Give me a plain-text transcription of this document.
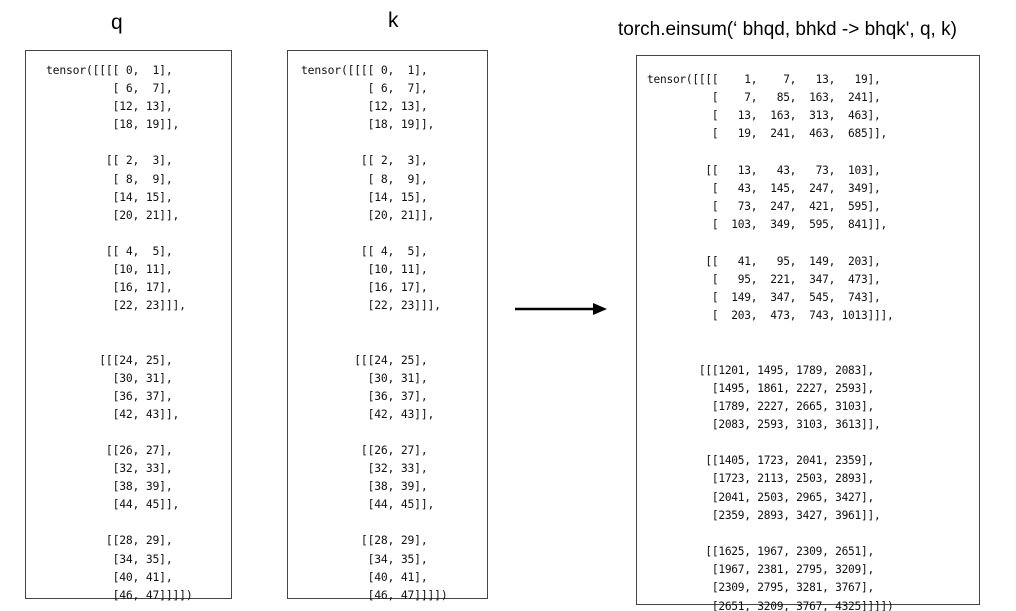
q	k	torch.einsum(‘ bhqd, bhkd -> bhqk', q, k)
tensor([[[[ 0,  1],
[ 6,  7],
[12, 13],
[18, 19]],

[[ 2,  3],
[ 8,  9],
[14, 15],
[20, 21]],

[[ 4,  5],
[10, 11],
[16, 17],
[22, 23]]],

[[[24, 25],
[30, 31],
[36, 37],
[42, 43]],

[[26, 27],
[32, 33],
[38, 39],
[44, 45]],

[[28, 29],
[34, 35],
[40, 41],
[46, 47]]]])
tensor([[[[ 0,  1],
[ 6,  7],
[12, 13],
[18, 19]],

[[ 2,  3],
[ 8,  9],
[14, 15],
[20, 21]],

[[ 4,  5],
[10, 11],
[16, 17],
[22, 23]]],

[[[24, 25],
[30, 31],
[36, 37],
[42, 43]],

[[26, 27],
[32, 33],
[38, 39],
[44, 45]],

[[28, 29],
[34, 35],
[40, 41],
[46, 47]]]])
tensor([[[[    1,    7,   13,   19],
[    7,   85,  163,  241],
[   13,  163,  313,  463],
[   19,  241,  463,  685]],

[[   13,   43,   73,  103],
[   43,  145,  247,  349],
[   73,  247,  421,  595],
[  103,  349,  595,  841]],

[[   41,   95,  149,  203],
[   95,  221,  347,  473],
[  149,  347,  545,  743],
[  203,  473,  743, 1013]]],

[[[1201, 1495, 1789, 2083],
[1495, 1861, 2227, 2593],
[1789, 2227, 2665, 3103],
[2083, 2593, 3103, 3613]],

[[1405, 1723, 2041, 2359],
[1723, 2113, 2503, 2893],
[2041, 2503, 2965, 3427],
[2359, 2893, 3427, 3961]],

[[1625, 1967, 2309, 2651],
[1967, 2381, 2795, 3209],
[2309, 2795, 3281, 3767],
[2651, 3209, 3767, 4325]]]])
